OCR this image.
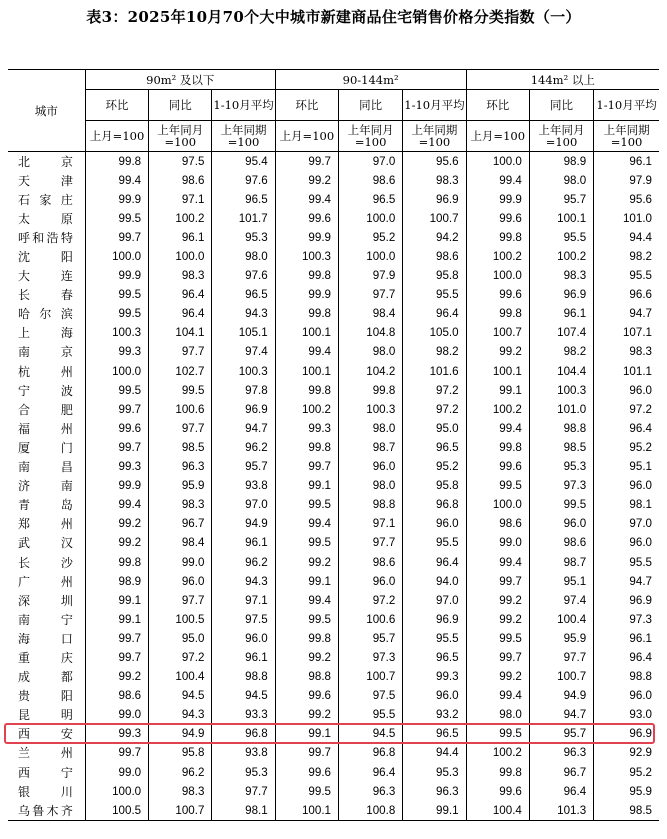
表3：2025年10月70个大中城市新建商品住宅销售价格分类指数（一）
城市	90m² 及以下			90-144m²			144m² 以上		
	环比	同比	1-10月平均	环比	同比	1-10月平均	环比	同比	1-10月平均
	上月=100	上年同月=100	上年同期=100	上月=100	上年同月=100	上年同期=100	上月=100	上年同月=100	上年同期=100
北京	99.8	97.5	95.4	99.7	97.0	95.6	100.0	98.9	96.1
天津	99.4	98.6	97.6	99.2	98.6	98.3	99.4	98.0	97.9
石家庄	99.9	97.1	96.5	99.4	96.5	96.9	99.9	95.7	95.6
太原	99.5	100.2	101.7	99.6	100.0	100.7	99.6	100.1	101.0
呼和浩特	99.7	96.1	95.3	99.9	95.2	94.2	99.8	95.5	94.4
沈阳	100.0	100.0	98.0	100.3	100.0	98.6	100.2	100.2	98.2
大连	99.9	98.3	97.6	99.8	97.9	95.8	100.0	98.3	95.5
长春	99.5	96.4	96.5	99.9	97.7	95.5	99.6	96.9	96.6
哈尔滨	99.5	96.4	94.3	99.8	98.4	96.4	99.8	96.1	94.7
上海	100.3	104.1	105.1	100.1	104.8	105.0	100.7	107.4	107.1
南京	99.3	97.7	97.4	99.4	98.0	98.2	99.2	98.2	98.3
杭州	100.0	102.7	100.3	100.1	104.2	101.6	100.1	104.4	101.1
宁波	99.5	99.5	97.8	99.8	99.8	97.2	99.1	100.3	96.0
合肥	99.7	100.6	96.9	100.2	100.3	97.2	100.2	101.0	97.2
福州	99.6	97.7	94.7	99.3	98.0	95.0	99.4	98.8	96.4
厦门	99.7	98.5	96.2	99.8	98.7	96.5	99.8	98.5	95.2
南昌	99.3	96.3	95.7	99.7	96.0	95.2	99.6	95.3	95.1
济南	99.9	95.9	93.8	99.1	98.0	95.8	99.5	97.3	96.0
青岛	99.4	98.3	97.0	99.5	98.8	96.8	100.0	99.5	98.1
郑州	99.2	96.7	94.9	99.4	97.1	96.0	98.6	96.0	97.0
武汉	99.2	98.4	96.1	99.5	97.7	95.5	99.0	98.6	96.0
长沙	99.8	99.0	96.2	99.2	98.6	96.4	99.4	98.7	95.5
广州	98.9	96.0	94.3	99.1	96.0	94.0	99.7	95.1	94.7
深圳	99.1	97.7	97.1	99.4	97.2	97.0	99.2	97.4	96.9
南宁	99.1	100.5	97.5	99.5	100.6	96.9	99.2	100.4	97.3
海口	99.7	95.0	96.0	99.8	95.7	95.5	99.5	95.9	96.1
重庆	99.7	97.2	96.1	99.2	97.3	96.5	99.7	97.7	96.4
成都	99.2	100.4	98.8	98.8	100.7	99.3	99.2	100.7	98.8
贵阳	98.6	94.5	94.5	99.6	97.5	96.0	99.4	94.9	96.0
昆明	99.0	94.3	93.3	99.2	95.5	93.2	98.0	94.7	93.0
西安	99.3	94.9	96.8	99.1	94.5	96.5	99.5	95.7	96.9
兰州	99.7	95.8	93.8	99.7	96.8	94.4	100.2	96.3	92.9
西宁	99.0	96.2	95.3	99.6	96.4	95.3	99.8	96.7	95.2
银川	100.0	98.3	97.7	99.5	96.3	96.3	99.6	96.4	95.9
乌鲁木齐	100.5	100.7	98.1	100.1	100.8	99.1	100.4	101.3	98.5
